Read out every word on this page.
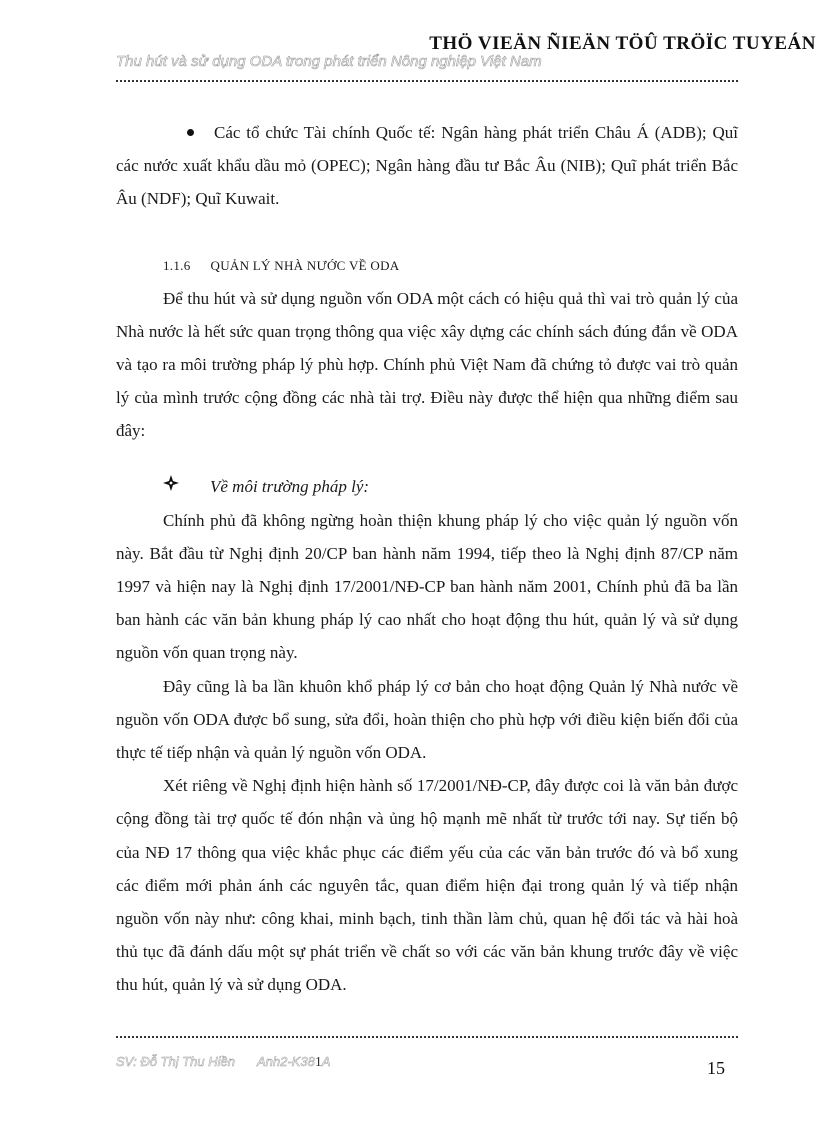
THÖ VIEÄN ÑIEÄN TÖÛ TRÖÏC TUYEÁN
Thu hút và sử dụng ODA trong phát triển Nông nghiệp Việt Nam

Các tổ chức Tài chính Quốc tế: Ngân hàng phát triển Châu Á (ADB); Quĩ các nước xuất khẩu dầu mỏ (OPEC); Ngân hàng đầu tư Bắc Âu (NIB); Quĩ phát triển Bắc Âu (NDF); Quĩ Kuwait.

1.1.6 QUẢN LÝ NHÀ NƯỚC VỀ ODA

Để thu hút và sử dụng nguồn vốn ODA một cách có hiệu quả thì vai trò quản lý của Nhà nước là hết sức quan trọng thông qua việc xây dựng các chính sách đúng đắn về ODA và tạo ra môi trường pháp lý phù hợp. Chính phủ Việt Nam đã chứng tỏ được vai trò quản lý của mình trước cộng đồng các nhà tài trợ. Điều này được thể hiện qua những điểm sau đây:

Về môi trường pháp lý:

Chính phủ đã không ngừng hoàn thiện khung pháp lý cho việc quản lý nguồn vốn này. Bắt đầu từ Nghị định 20/CP ban hành năm 1994, tiếp theo là Nghị định 87/CP năm 1997 và hiện nay là Nghị định 17/2001/NĐ-CP ban hành năm 2001, Chính phủ đã ba lần ban hành các văn bản khung pháp lý cao nhất cho hoạt động thu hút, quản lý và sử dụng nguồn vốn quan trọng này.

Đây cũng là ba lần khuôn khổ pháp lý cơ bản cho hoạt động Quản lý Nhà nước về nguồn vốn ODA được bổ sung, sửa đổi, hoàn thiện cho phù hợp với điều kiện biến đổi của thực tế tiếp nhận và quản lý nguồn vốn ODA.

Xét riêng về Nghị định hiện hành số 17/2001/NĐ-CP, đây được coi là văn bản được cộng đồng tài trợ quốc tế đón nhận và ủng hộ mạnh mẽ nhất từ trước tới nay. Sự tiến bộ của NĐ 17 thông qua việc khắc phục các điểm yếu của các văn bản trước đó và bổ xung các điểm mới phản ánh các nguyên tắc, quan điểm hiện đại trong quản lý và tiếp nhận nguồn vốn này như: công khai, minh bạch, tinh thần làm chủ, quan hệ đối tác và hài hoà thủ tục đã đánh dấu một sự phát triển về chất so với các văn bản khung trước đây về việc thu hút, quản lý và sử dụng ODA.

SV: Đỗ Thị Thu Hiền Anh2-K381A	15
